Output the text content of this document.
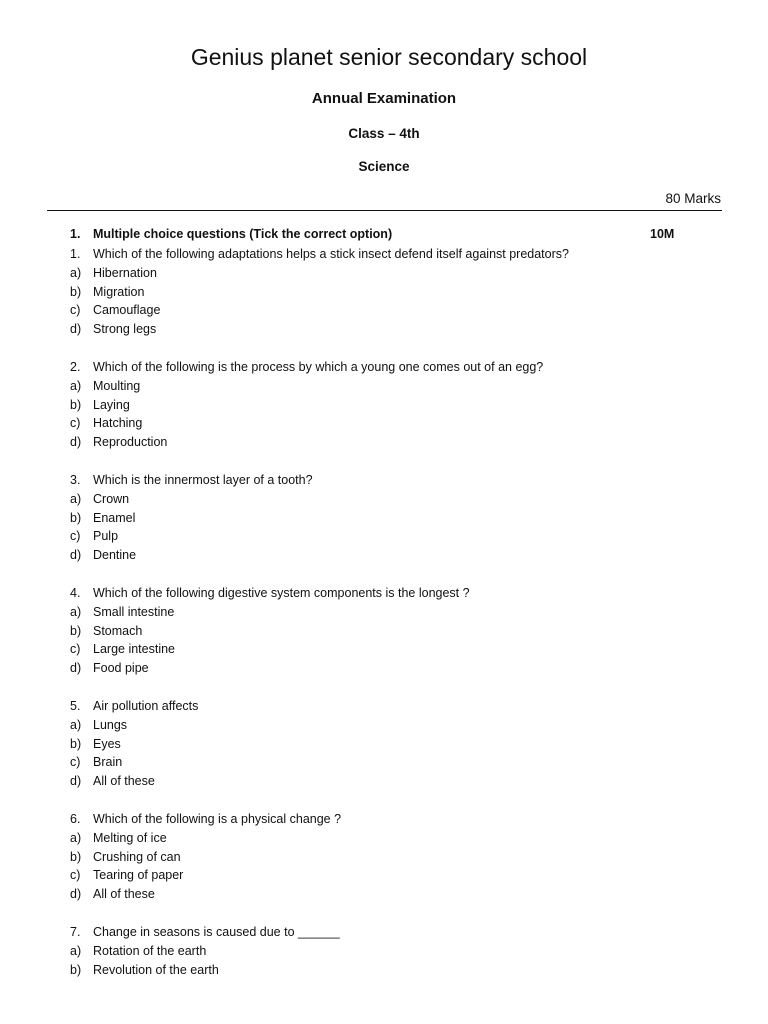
Genius planet senior secondary school
Annual Examination
Class – 4th
Science
80 Marks
1. Multiple choice questions (Tick the correct option)	10M
1. Which of the following adaptations helps a stick insect defend itself against predators?
a) Hibernation
b) Migration
c) Camouflage
d) Strong legs
2. Which of the following is the process by which a young one comes out of an egg?
a) Moulting
b) Laying
c) Hatching
d) Reproduction
3. Which is the innermost layer of a tooth?
a) Crown
b) Enamel
c) Pulp
d) Dentine
4. Which of the following digestive system components is the longest ?
a) Small intestine
b) Stomach
c) Large intestine
d) Food pipe
5. Air pollution affects
a) Lungs
b) Eyes
c) Brain
d) All of these
6. Which of the following is a physical change ?
a) Melting of ice
b) Crushing of can
c) Tearing of paper
d) All of these
7. Change in seasons is caused due to ______
a) Rotation of the earth
b) Revolution of the earth
